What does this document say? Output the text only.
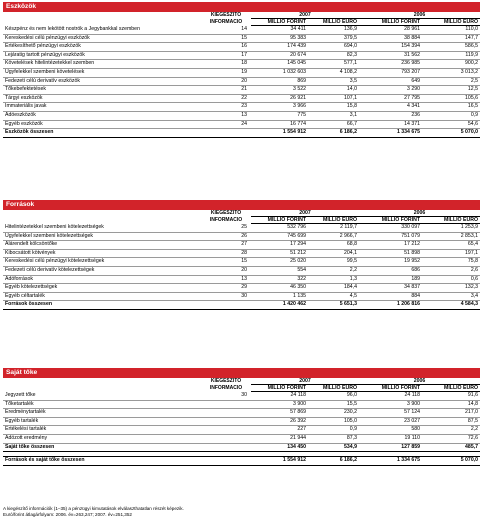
Eszközök
	KIEGÉSZÍTŐ	2007		2006	
	INFORMÁCIÓ	MILLIÓ FORINT	MILLIÓ EURÓ	MILLIÓ FORINT	MILLIÓ EURÓ
Készpénz és nem lekötött nostrók a Jegybankkal szemben	14	34 411	136,9	28 961	110,0
Kereskedési célú pénzügyi eszközök	15	95 383	379,5	38 884	147,7
Értékesíthető pénzügyi eszközök	16	174 439	694,0	154 394	586,5
Lejáratig tartott pénzügyi eszközök	17	20 674	82,3	31 562	119,9
Követelések hitelintézetekkel szemben	18	145 045	577,1	236 985	900,2
Ügyfelekkel szembeni követelések	19	1 032 603	4 108,2	793 207	3 013,2
Fedezeti célú derivatív eszközök	20	869	3,5	649	2,5
Tőkebefektetések	21	3 522	14,0	3 290	12,5
Tárgyi eszközök	22	26 921	107,1	27 795	105,6
Immateriális javak	23	3 966	15,8	4 341	16,5
Adóeszközök	13	775	3,1	236	0,9
Egyéb eszközök	24	16 774	66,7	14 371	54,6
Eszközök összesen		1 554 912	6 186,2	1 334 675	5 070,0
Források
	KIEGÉSZÍTŐ	2007		2006	
	INFORMÁCIÓ	MILLIÓ FORINT	MILLIÓ EURÓ	MILLIÓ FORINT	MILLIÓ EURÓ
Hitelintézetekkel szembeni kötelezettségek	25	532 796	2 119,7	330 097	1 253,9
Ügyfelekkel szembeni kötelezettségek	26	745 699	2 966,7	751 079	2 853,1
Alárendelt kölcsöntőke	27	17 294	68,8	17 212	65,4
Kibocsátott kötvények	28	51 212	204,1	51 898	197,1
Kereskedési célú pénzügyi kötelezettségek	15	25 020	99,5	19 952	75,8
Fedezeti célú derivatív kötelezettségek	20	554	2,2	686	2,6
Adóforrások	13	322	1,3	189	0,6
Egyéb kötelezettségek	29	46 350	184,4	34 837	132,3
Egyéb céltartalék	30	1 135	4,5	884	3,4
Források összesen		1 420 462	5 651,3	1 206 816	4 584,3
Saját tőke
	KIEGÉSZÍTŐ	2007		2006	
	INFORMÁCIÓ	MILLIÓ FORINT	MILLIÓ EURÓ	MILLIÓ FORINT	MILLIÓ EURÓ
Jegyzett tőke	30	24 118	96,0	24 118	91,6
Tőketartalék		3 900	15,5	3 900	14,8
Eredménytartalék		57 869	230,2	57 124	217,0
Egyéb tartalék		26 392	105,0	23 027	87,5
Értékelési tartalék		227	0,9	580	2,2
Adózott eredmény		21 944	87,3	19 110	72,6
Saját tőke összesen		134 450	534,9	127 859	485,7

Források és saját tőke összesen		1 554 912	6 186,2	1 334 675	5 070,0
A kiegészítő információk (1–35) a pénzügyi kimutatások elválaszthatatlan részét képezik.
Euró/forint átlagárfolyam: 2006. év=263,247; 2007. év=251,352
